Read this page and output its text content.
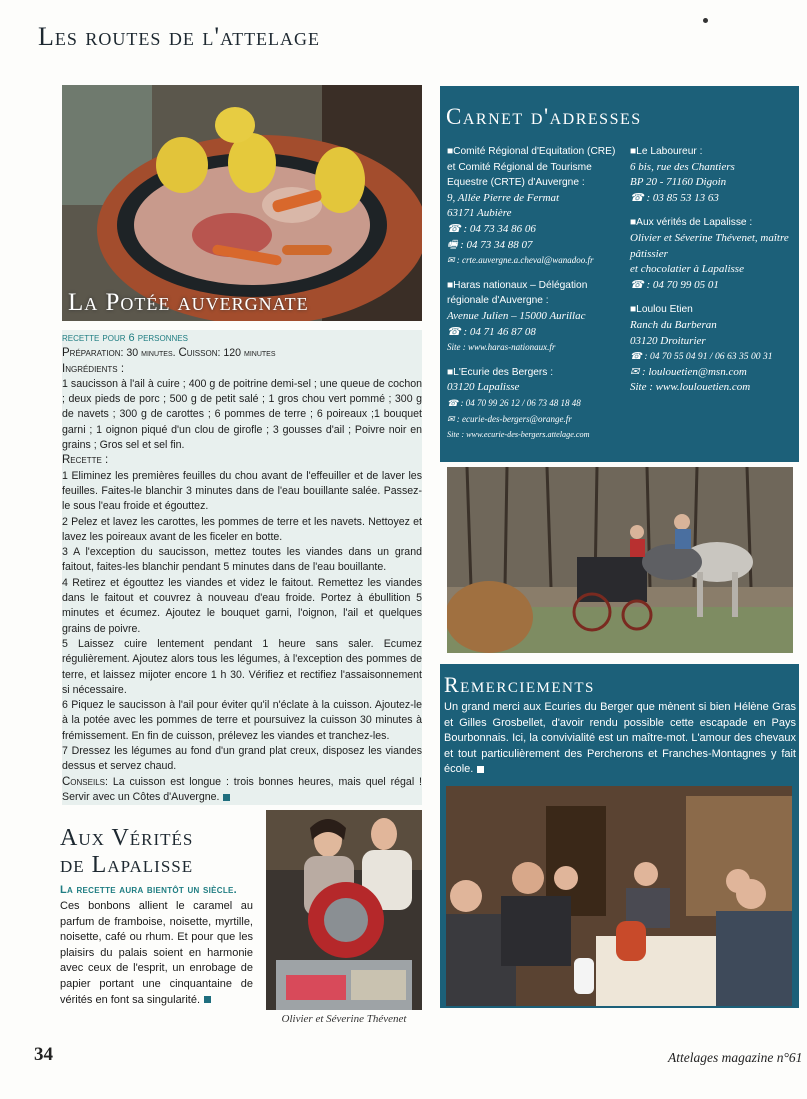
Les routes de l'attelage
La Potée auvergnate

recette pour 6 personnes

Préparation: 30 minutes. Cuisson: 120 minutes

Ingrédients :

1 saucisson à l'ail à cuire ; 400 g de poitrine demi-sel ; une queue de cochon ; deux pieds de porc ; 500 g de petit salé ; 1 gros chou vert pommé ; 300 g de navets ; 300 g de carottes ; 6 pommes de terre ; 6 poireaux ;1 bouquet garni ; 1 oignon piqué d'un clou de girofle ; 3 gousses d'ail ; Poivre noir en grains ; Gros sel et sel fin.

Recette :

1 Eliminez les premières feuilles du chou avant de l'effeuiller et de laver les feuilles. Faites-le blanchir 3 minutes dans de l'eau bouillante salée. Passez-le sous l'eau froide et égouttez.

2 Pelez et lavez les carottes, les pommes de terre et les navets. Nettoyez et lavez les poireaux avant de les ficeler en botte.

3 A l'exception du saucisson, mettez toutes les viandes dans un grand faitout, faites-les blanchir pendant 5 minutes dans de l'eau bouillante.

4 Retirez et égouttez les viandes et videz le faitout. Remettez les viandes dans le faitout et couvrez à nouveau d'eau froide. Portez à ébullition 5 minutes et écumez. Ajoutez le bouquet garni, l'oignon, l'ail et quelques grains de poivre.

5 Laissez cuire lentement pendant 1 heure sans saler. Ecumez régulièrement. Ajoutez alors tous les légumes, à l'exception des pommes de terre, et laissez mijoter encore 1 h 30. Vérifiez et rectifiez l'assaisonnement si nécessaire.

6 Piquez le saucisson à l'ail pour éviter qu'il n'éclate à la cuisson. Ajoutez-le à la potée avec les pommes de terre et poursuivez la cuisson 30 minutes à frémissement. En fin de cuisson, prélevez les viandes et tranchez-les.

7 Dressez les légumes au fond d'un grand plat creux, disposez les viandes dessus et servez chaud.

Conseils: La cuisson est longue : trois bonnes heures, mais quel régal ! Servir avec un Côtes d'Auvergne.

Aux Vérités
de Lapalisse
La recette aura bientôt un siècle.
Ces bonbons allient le caramel au parfum de framboise, noisette, myrtille, noisette, café ou rhum. Et pour que les plaisirs du palais soient en harmonie avec ceux de l'esprit, un enrobage de papier portant une cinquantaine de vérités en font sa singularité.
Olivier et Séverine Thévenet
Carnet d'adresses

■Comité Régional d'Equitation (CRE) et Comité Régional de Tourisme Equestre (CRTE) d'Auvergne :
9, Allée Pierre de Fermat
63171 Aubière
☎ : 04 73 34 86 06
🖷 : 04 73 34 88 07
✉ : crte.auvergne.a.cheval@wanadoo.fr

■Haras nationaux – Délégation régionale d'Auvergne :
Avenue Julien – 15000 Aurillac
☎ : 04 71 46 87 08
Site : www.haras-nationaux.fr

■L'Ecurie des Bergers :
03120 Lapalisse
☎ : 04 70 99 26 12 / 06 73 48 18 48
✉ : ecurie-des-bergers@orange.fr
Site : www.ecurie-des-bergers.attelage.com

■Le Laboureur :
6 bis, rue des Chantiers
BP 20 - 71160 Digoin
☎ : 03 85 53 13 63

■Aux vérités de Lapalisse :
Olivier et Séverine Thévenet, maître pâtissier
et chocolatier à Lapalisse
☎ : 04 70 99 05 01

■Loulou Etien
Ranch du Barberan
03120 Droiturier
☎ : 04 70 55 04 91 / 06 63 35 00 31
✉ : loulouetien@msn.com
Site : www.loulouetien.com

Remerciements
Un grand merci aux Ecuries du Berger que mènent si bien Hélène Gras et Gilles Grosbellet, d'avoir rendu possible cette escapade en Pays Bourbonnais. Ici, la convivialité est un maître-mot. L'amour des chevaux et tout particulièrement des Percherons et Franches-Montagnes y fait école.
34	Attelages magazine n°61
